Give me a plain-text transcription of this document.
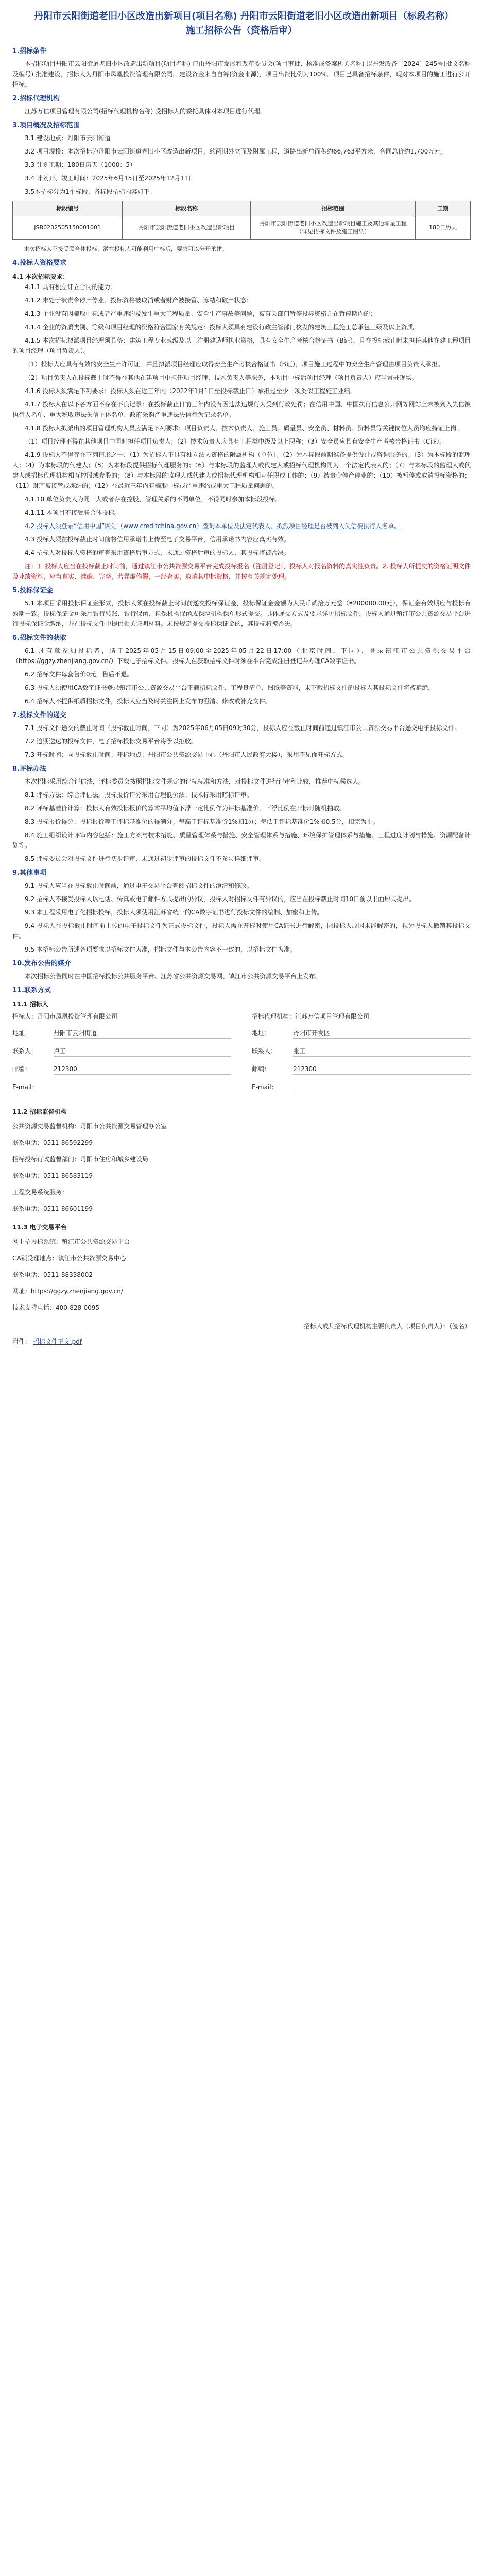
丹阳市云阳街道老旧小区改造出新项目(项目名称) 丹阳市云阳街道老旧小区改造出新项目（标段名称）施工招标公告（资格后审）
1.招标条件

本招标项目丹阳市云阳街道老旧小区改造出新项目(项目名称) 已由丹阳市发展和改革委员会(项目审批、核准或备案机关名称) 以丹发改备〔2024〕245号(批文名称及编号) 批准建设，招标人为丹阳市凤凰投资管理有限公司。建设资金来自自筹(资金来源)，项目出资比例为100%。项目已具备招标条件，现对本项目的施工进行公开招标。

2.招标代理机构

江苏万信项目管理有限公司(招标代理机构名称) 受招标人的委托具体对本项目进行代理。

3.项目概况及招标范围

3.1 建设地点：丹阳市云阳街道

3.2 项目规模：本次招标为丹阳市云阳街道老旧小区改造出新项目，约两期外立面及附属工程，道路出新总面积约66,763平方米，合同总价约1,700万元。

3.3 计划工期：180日历天（1000：5）

3.4 计划开、竣工时间：2025年6月15日至2025年12月11日

3.5本招标分为1个标段，各标段招标内容如下：

标段编号	标段名称	招标范围	工期
JSB0202505150001001	丹阳市云阳街道老旧小区改造出新项目	丹阳市云阳街道老旧小区改造出新项目施工及其他零星工程（详见招标文件及施工图纸）	180日历天

本次招标人不接受联合体投标，潜在投标人可能利用中标后，要求可以分开承建。

4.投标人资格要求
4.1 本次招标要求：

4.1.1 具有独立订立合同的能力；

4.1.2 未处于被责令停产停业、投标资格被取消或者财产被接管、冻结和破产状态；

4.1.3 企业没有因骗取中标或者严重违约及发生重大工程质量、安全生产事故等问题，被有关部门暂停投标资格并在暂停期内的；

4.1.4 企业的资质类别、等级和项目经理的资格符合国家有关规定：投标人须具有建设行政主管部门核发的建筑工程施工总承包三级及以上资质。

4.1.5 本次招标拟派项目经理须具备：建筑工程专业贰级及以上注册建造师执业资格，具有安全生产考核合格证书（B证），且在投标截止时未担任其他在建工程项目的项目经理（项目负责人）。

（1）投标人应具有有效的安全生产许可证，并且拟派项目经理应取得安全生产考核合格证书（B证），项目施工过程中的安全生产管理由项目负责人承担。

（2）项目负责人在投标截止时不得在其他在建项目中担任项目经理、技术负责人等职务，本项目中标后项目经理（项目负责人）应当常驻现场。

4.1.6 投标人须满足下列要求：投标人须在近三年内（2022年1月1日至投标截止日）承担过至少一项类似工程施工业绩。

4.1.7 投标人在以下各方面不存在不良记录：在投标截止日前三年内没有因违法违规行为受到行政处罚；在信用中国、中国执行信息公开网等网站上未被列入失信被执行人名单、重大税收违法失信主体名单、政府采购严重违法失信行为记录名单。

4.1.8 投标人拟派出的项目管理机构人员应满足下列要求：项目负责人、技术负责人、施工员、质量员、安全员、材料员、资料员等关键岗位人员均应持证上岗。

（1）项目经理不得在其他项目中同时担任项目负责人；（2）技术负责人应具有工程类中级及以上职称；（3）安全员应具有安全生产考核合格证书（C证）。

4.1.9 投标人不得存在下列情形之一：（1）为招标人不具有独立法人资格的附属机构（单位）；（2）为本标段前期准备提供设计或咨询服务的；（3）为本标段的监理人；（4）为本标段的代建人；（5）为本标段提供招标代理服务的；（6）与本标段的监理人或代建人或招标代理机构同为一个法定代表人的；（7）与本标段的监理人或代建人或招标代理机构相互控股或参股的；（8）与本标段的监理人或代建人或招标代理机构相互任职或工作的；（9）被责令停产停业的；（10）被暂停或取消投标资格的；（11）财产被接管或冻结的；（12）在最近三年内有骗取中标或严重违约或重大工程质量问题的。

4.1.10 单位负责人为同一人或者存在控股、管理关系的不同单位，不得同时参加本标段投标。

4.1.11 本项目不接受联合体投标。

4.2 投标人须登录“信用中国”网站（www.creditchina.gov.cn）查询本单位及法定代表人、拟派项目经理是否被列入失信被执行人名单。

4.3 投标人须在投标截止时间前将信用承诺书上传至电子交易平台，信用承诺书内容应真实有效。

4.4 招标人对投标人资格的审查采用资格后审方式，未通过资格后审的投标人，其投标将被否决。

注：1. 投标人应当在投标截止时间前，通过镇江市公共资源交易平台完成投标报名（注册登记），投标人对报名资料的真实性负责。2. 投标人所提交的资格证明文件及业绩资料，应当真实、准确、完整，若弄虚作假，一经查实，取消其中标资格，并按有关规定处理。

5.投标保证金

5.1 本项目采用投标保证金形式，投标人须在投标截止时间前递交投标保证金，投标保证金金额为人民币贰拾万元整（¥200000.00元），保证金有效期应与投标有效期一致。投标保证金可采用银行转账、银行保函、担保机构保函或保险机构保单形式提交。具体递交方式及要求详见招标文件。投标人通过镇江市公共资源交易平台进行投标保证金缴纳，并在投标文件中提供相关证明材料。未按规定提交投标保证金的，其投标将被否决。

6.招标文件的获取

6.1 凡有意参加投标者，请于2025年05月15日09:00至2025年05月22日17:00（北京时间，下同），登录镇江市公共资源交易平台（https://ggzy.zhenjiang.gov.cn/）下载电子招标文件。投标人在获取招标文件时须在平台完成注册登记并办理CA数字证书。

6.2 招标文件每套售价0元，售后不退。

6.3 投标人须使用CA数字证书登录镇江市公共资源交易平台下载招标文件、工程量清单、图纸等资料，未下载招标文件的投标人其投标文件将被拒绝。

6.4 招标人不提供纸质招标文件，投标人应当及时关注网上发布的澄清、修改或补充文件。

7.投标文件的递交

7.1 投标文件递交的截止时间（投标截止时间，下同）为2025年06月05日09时30分，投标人应在截止时间前通过镇江市公共资源交易平台递交电子投标文件。

7.2 逾期送达的投标文件，电子招标投标交易平台将予以拒收。

7.3 开标时间：同投标截止时间；开标地点：丹阳市公共资源交易中心（丹阳市人民政府大楼），采用不见面开标方式。

8.评标办法

本次招标采用综合评估法，评标委员会按照招标文件规定的评标标准和方法，对投标文件进行评审和比较，推荐中标候选人。

8.1 评标方法：综合评估法。投标报价评分采用合理低价法；技术标采用暗标评审。

8.2 评标基准价计算：投标人有效投标报价的算术平均值下浮一定比例作为评标基准价，下浮比例在开标时随机抽取。

8.3 投标报价得分：投标报价等于评标基准价的得满分；每高于评标基准价1%扣1分；每低于评标基准价1%扣0.5分，扣完为止。

8.4 施工组织设计评审内容包括：施工方案与技术措施、质量管理体系与措施、安全管理体系与措施、环境保护管理体系与措施、工程进度计划与措施、资源配备计划等。

8.5 评标委员会对投标文件进行初步评审，未通过初步评审的投标文件不参与详细评审。

9.其他事项

9.1 投标人应当在投标截止时间前，通过电子交易平台查阅招标文件的澄清和修改。

9.2 招标人不接受投标人以电话、传真或电子邮件方式提出的异议，投标人对招标文件有异议的，应当在投标截止时间10日前以书面形式提出。

9.3 本工程采用电子化招标投标，投标人须使用江苏省统一的CA数字证书进行投标文件的编制、加密和上传。

9.4 投标人在投标截止时间前上传的电子投标文件为正式投标文件，投标人需在开标时使用CA证书进行解密，因投标人原因未能解密的，视为投标人撤销其投标文件。

9.5 本招标公告所述各项要求以招标文件为准，招标文件与本公告内容不一致的，以招标文件为准。

10.发布公告的媒介

本次招标公告同时在中国招标投标公共服务平台、江苏省公共资源交易网、镇江市公共资源交易平台上发布。

11.联系方式
11.1 招标人
招标人：丹阳市凤凰投资管理有限公司
地址：	丹阳市云阳街道
联系人：	卢工
邮编：	212300
E-mail：
招标代理机构：江苏万信项目管理有限公司
地址：	丹阳市开发区
联系人：	张工
邮编：	212300
E-mail：
11.2 招标监督机构
公共资源交易监督机构：丹阳市公共资源交易管理办公室
联系电话：0511-86592299
招标投标行政监督部门：丹阳市住房和城乡建设局
联系电话：0511-86583119
工程交易系统服务：
联系电话：0511-86601199
11.3 电子交易平台
网上招投标系统：镇江市公共资源交易平台
CA锁受理地点：镇江市公共资源交易中心
联系电话：0511-88338002
网址：https://ggzy.zhenjiang.gov.cn/
技术支持电话：400-828-0095
招标人或其招标代理机构主要负责人（项目负责人）：（签名）
附件： 招标文件正文.pdf
